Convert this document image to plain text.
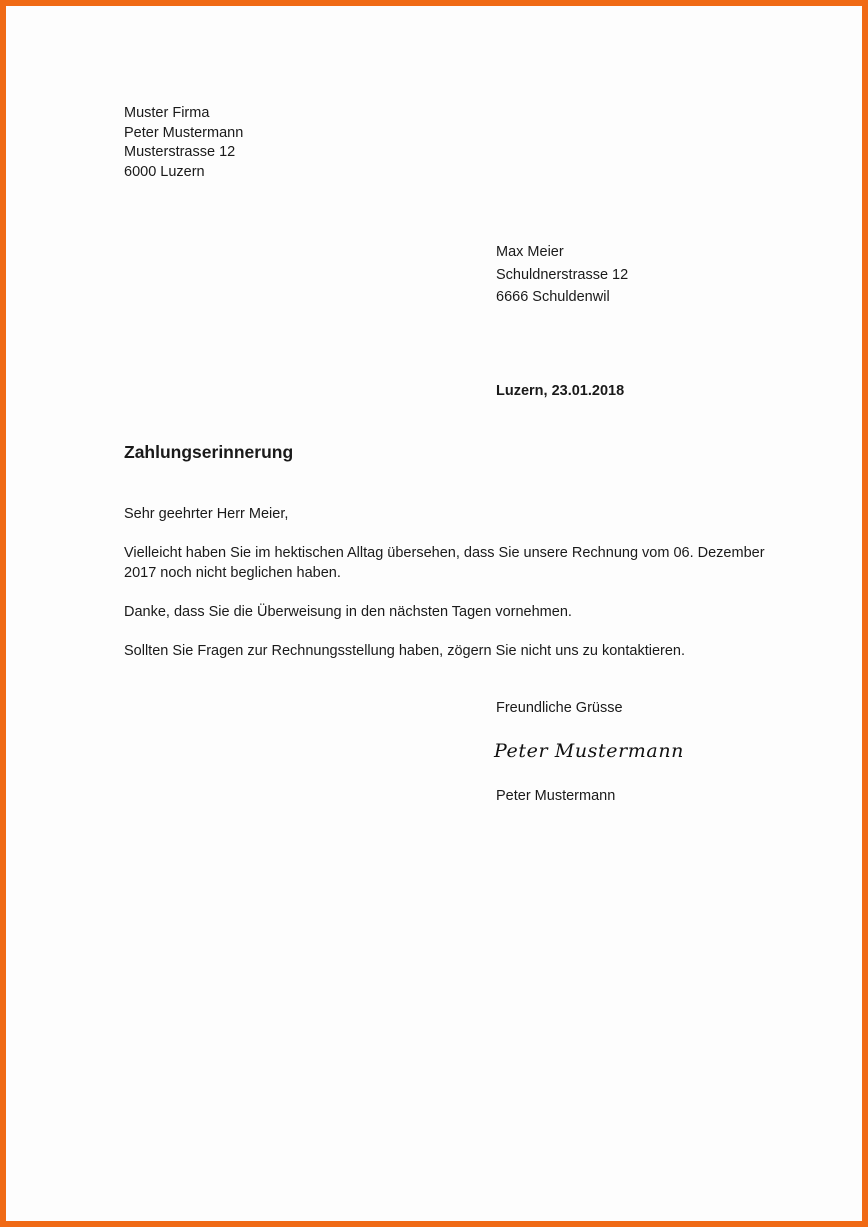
Muster Firma
Peter Mustermann
Musterstrasse 12
6000 Luzern
Max Meier
Schuldnerstrasse 12
6666 Schuldenwil
Luzern, 23.01.2018
Zahlungserinnerung
Sehr geehrter Herr Meier,
Vielleicht haben Sie im hektischen Alltag übersehen, dass Sie unsere Rechnung vom 06. Dezember 2017 noch nicht beglichen haben.
Danke, dass Sie die Überweisung in den nächsten Tagen vornehmen.
Sollten Sie Fragen zur Rechnungsstellung haben, zögern Sie nicht uns zu kontaktieren.
Freundliche Grüsse
Peter Mustermann
Peter Mustermann
